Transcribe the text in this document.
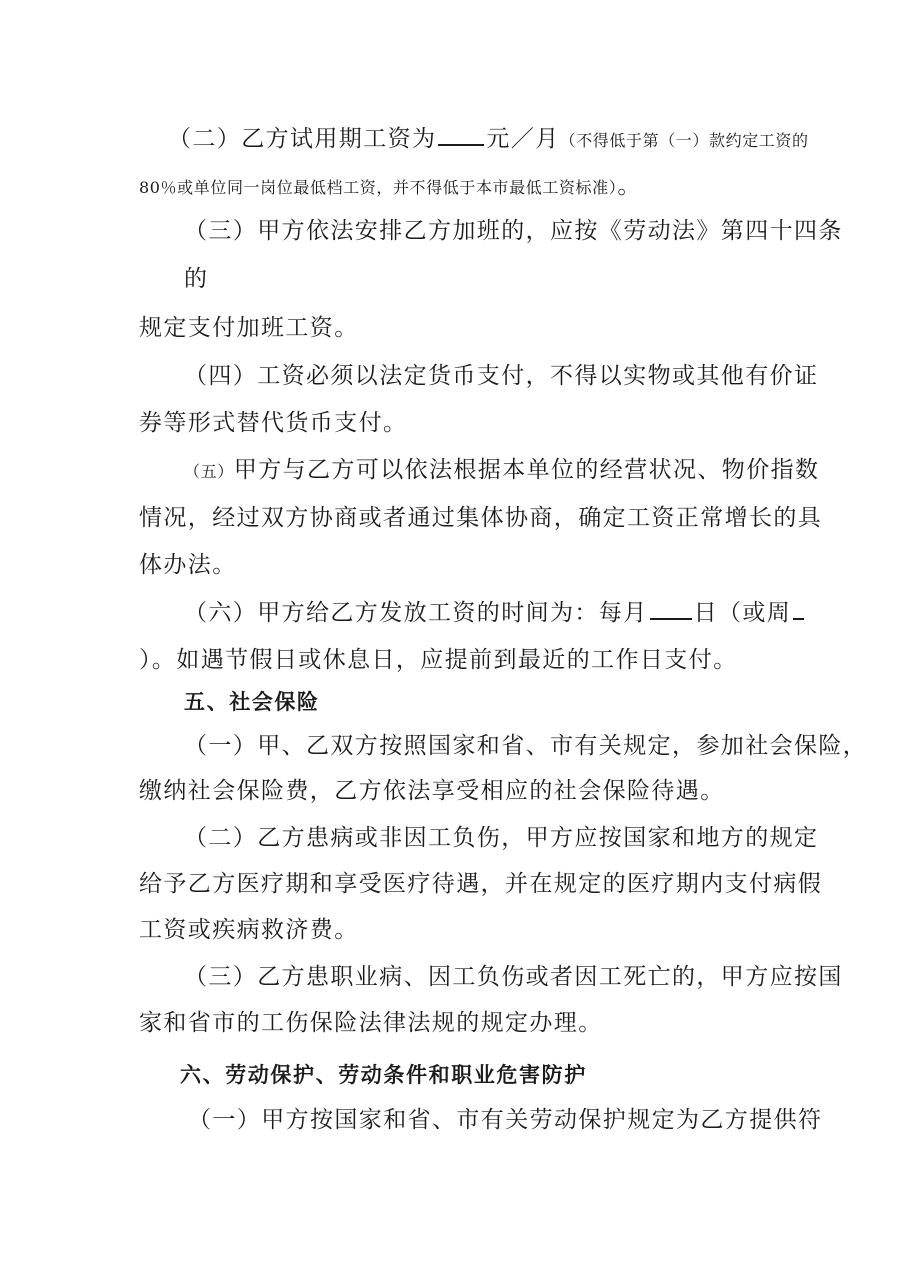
（二）乙方试用期工资为 元／月（不得低于第（一）款约定工资的
80％或单位同一岗位最低档工资，并不得低于本市最低工资标准）。
（三）甲方依法安排乙方加班的，应按《劳动法》第四十四条
的
规定支付加班工资。
（四）工资必须以法定货币支付，不得以实物或其他有价证
券等形式替代货币支付。
（五）甲方与乙方可以依法根据本单位的经营状况、物价指数
情况，经过双方协商或者通过集体协商，确定工资正常增长的具
体办法。
（六）甲方给乙方发放工资的时间为：每月 日（或周
）。如遇节假日或休息日，应提前到最近的工作日支付。
五、社会保险
（一）甲、乙双方按照国家和省、市有关规定，参加社会保险，
缴纳社会保险费，乙方依法享受相应的社会保险待遇。
（二）乙方患病或非因工负伤，甲方应按国家和地方的规定
给予乙方医疗期和享受医疗待遇，并在规定的医疗期内支付病假
工资或疾病救济费。
（三）乙方患职业病、因工负伤或者因工死亡的，甲方应按国
家和省市的工伤保险法律法规的规定办理。
六、劳动保护、劳动条件和职业危害防护
（一）甲方按国家和省、市有关劳动保护规定为乙方提供符
